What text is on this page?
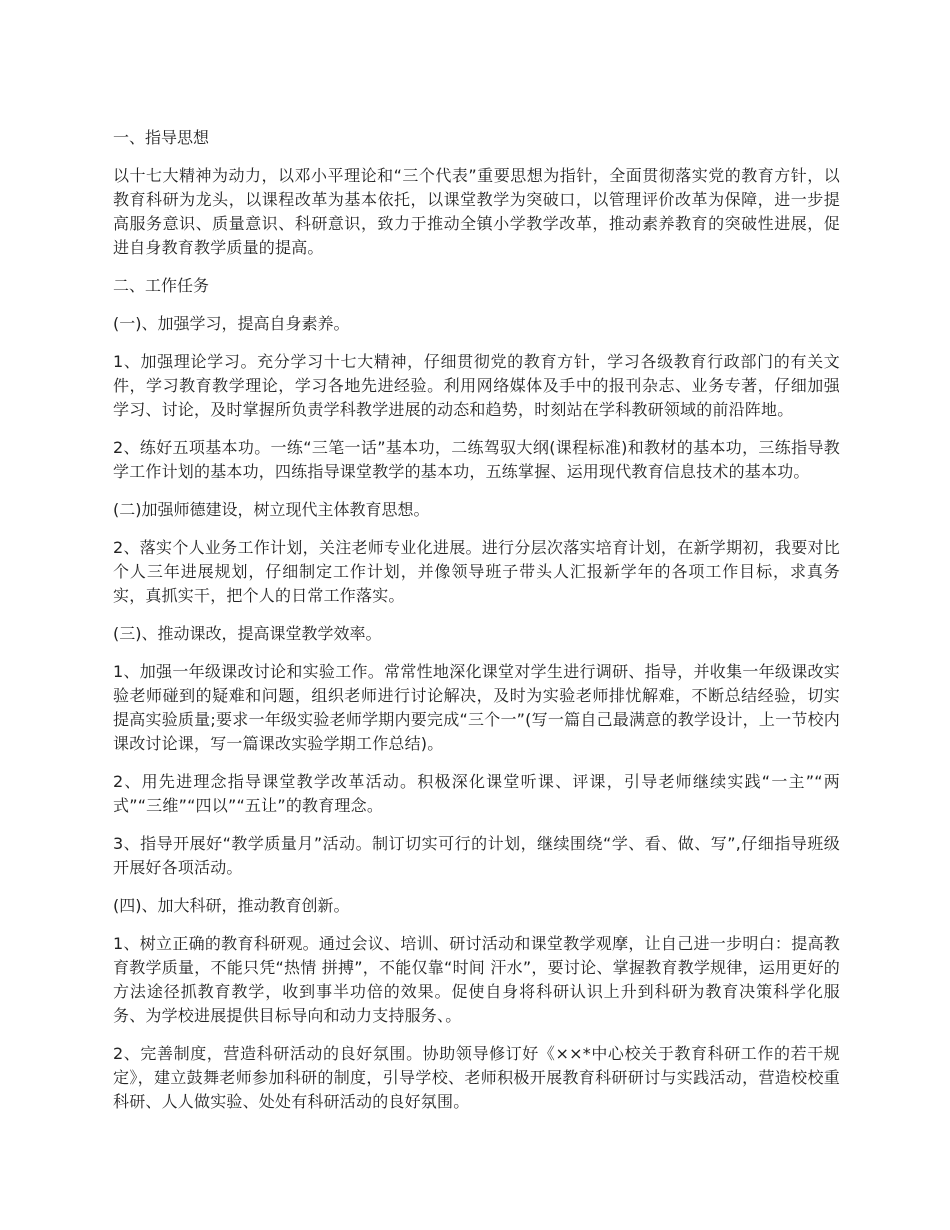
一、指导思想

以十七大精神为动力，以邓小平理论和“三个代表”重要思想为指针，全面贯彻落实党的教育方针，以教育科研为龙头，以课程改革为基本依托，以课堂教学为突破口，以管理评价改革为保障，进一步提高服务意识、质量意识、科研意识，致力于推动全镇小学教学改革，推动素养教育的突破性进展，促进自身教育教学质量的提高。

二、工作任务

(一)、加强学习，提高自身素养。

1、加强理论学习。充分学习十七大精神，仔细贯彻党的教育方针，学习各级教育行政部门的有关文件，学习教育教学理论，学习各地先进经验。利用网络媒体及手中的报刊杂志、业务专著，仔细加强学习、讨论，及时掌握所负责学科教学进展的动态和趋势，时刻站在学科教研领域的前沿阵地。

2、练好五项基本功。一练“三笔一话”基本功，二练驾驭大纲(课程标准)和教材的基本功，三练指导教学工作计划的基本功，四练指导课堂教学的基本功，五练掌握、运用现代教育信息技术的基本功。

(二)加强师德建设，树立现代主体教育思想。

2、落实个人业务工作计划，关注老师专业化进展。进行分层次落实培育计划，在新学期初，我要对比个人三年进展规划，仔细制定工作计划，并像领导班子带头人汇报新学年的各项工作目标，求真务实，真抓实干，把个人的日常工作落实。

(三)、推动课改，提高课堂教学效率。

1、加强一年级课改讨论和实验工作。常常性地深化课堂对学生进行调研、指导，并收集一年级课改实验老师碰到的疑难和问题，组织老师进行讨论解决，及时为实验老师排忧解难，不断总结经验，切实提高实验质量;要求一年级实验老师学期内要完成“三个一”(写一篇自己最满意的教学设计，上一节校内课改讨论课，写一篇课改实验学期工作总结)。

2、用先进理念指导课堂教学改革活动。积极深化课堂听课、评课，引导老师继续实践“一主”“两式”“三维”“四以”“五让”的教育理念。

3、指导开展好“教学质量月”活动。制订切实可行的计划，继续围绕“学、看、做、写”,仔细指导班级开展好各项活动。

(四)、加大科研，推动教育创新。

1、树立正确的教育科研观。通过会议、培训、研讨活动和课堂教学观摩，让自己进一步明白：提高教育教学质量，不能只凭“热情 拼搏”，不能仅靠“时间 汗水”，要讨论、掌握教育教学规律，运用更好的方法途径抓教育教学，收到事半功倍的效果。促使自身将科研认识上升到科研为教育决策科学化服务、为学校进展提供目标导向和动力支持服务、。

2、完善制度，营造科研活动的良好氛围。协助领导修订好《××*中心校关于教育科研工作的若干规定》，建立鼓舞老师参加科研的制度，引导学校、老师积极开展教育科研研讨与实践活动，营造校校重科研、人人做实验、处处有科研活动的良好氛围。
